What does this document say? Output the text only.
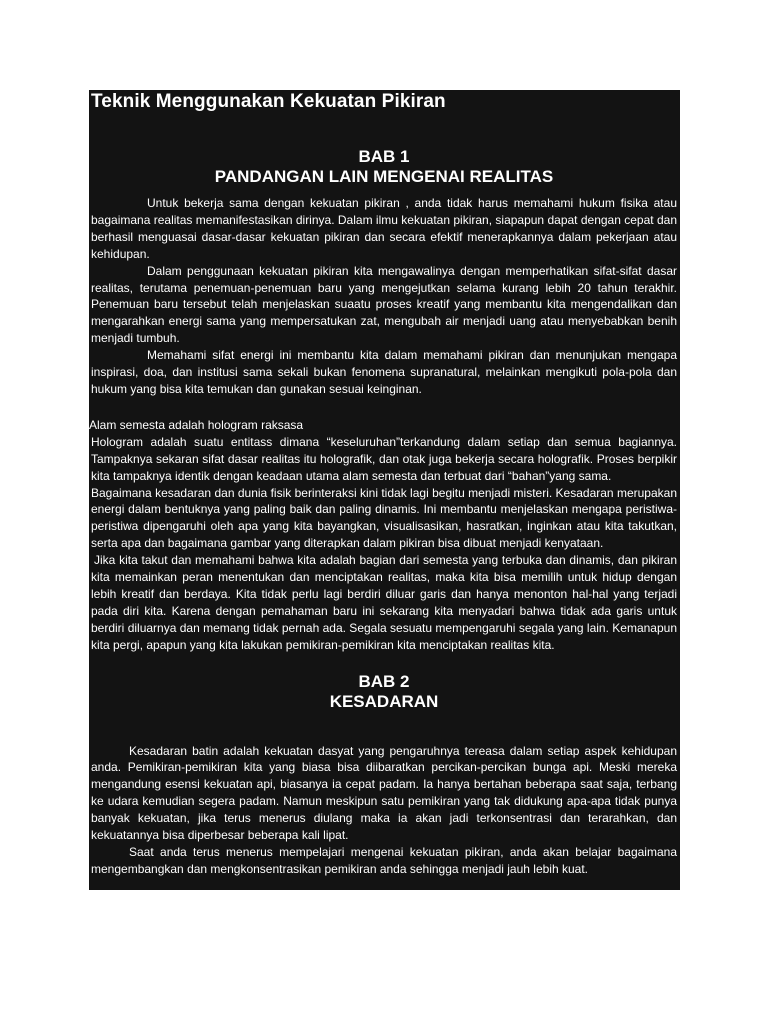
Teknik Menggunakan Kekuatan Pikiran
BAB 1
PANDANGAN LAIN MENGENAI REALITAS

Untuk bekerja sama dengan kekuatan pikiran , anda tidak harus memahami hukum fisika atau bagaimana realitas memanifestasikan dirinya. Dalam ilmu kekuatan pikiran, siapapun dapat dengan cepat dan berhasil menguasai dasar-dasar kekuatan pikiran dan secara efektif menerapkannya dalam pekerjaan atau kehidupan.

Dalam penggunaan kekuatan pikiran kita mengawalinya dengan memperhatikan sifat-sifat dasar realitas, terutama penemuan-penemuan baru yang mengejutkan selama kurang lebih 20 tahun terakhir. Penemuan baru tersebut telah menjelaskan suaatu proses kreatif yang membantu kita mengendalikan dan mengarahkan energi sama yang mempersatukan zat, mengubah air menjadi uang atau menyebabkan benih menjadi tumbuh.

Memahami sifat energi ini membantu kita dalam memahami pikiran dan menunjukan mengapa inspirasi, doa, dan institusi sama sekali bukan fenomena supranatural, melainkan mengikuti pola-pola dan hukum yang bisa kita temukan dan gunakan sesuai keinginan.

Alam semesta adalah hologram raksasa

Hologram adalah suatu entitass dimana “keseluruhan”terkandung dalam setiap dan semua bagiannya. Tampaknya sekaran sifat dasar realitas itu holografik, dan otak juga bekerja secara holografik. Proses berpikir kita tampaknya identik dengan keadaan utama alam semesta dan terbuat dari “bahan”yang sama.

Bagaimana kesadaran dan dunia fisik berinteraksi kini tidak lagi begitu menjadi misteri. Kesadaran merupakan energi dalam bentuknya yang paling baik dan paling dinamis. Ini membantu menjelaskan mengapa peristiwa-peristiwa dipengaruhi oleh apa yang kita bayangkan, visualisasikan, hasratkan, inginkan atau kita takutkan, serta apa dan bagaimana gambar yang diterapkan dalam pikiran bisa dibuat menjadi kenyataan.

Jika kita takut dan memahami bahwa kita adalah bagian dari semesta yang terbuka dan dinamis, dan pikiran kita memainkan peran menentukan dan menciptakan realitas, maka kita bisa memilih untuk hidup dengan lebih kreatif dan berdaya. Kita tidak perlu lagi berdiri diluar garis dan hanya menonton hal-hal yang terjadi pada diri kita. Karena dengan pemahaman baru ini sekarang kita menyadari bahwa tidak ada garis untuk berdiri diluarnya dan memang tidak pernah ada. Segala sesuatu mempengaruhi segala yang lain. Kemanapun kita pergi, apapun yang kita lakukan pemikiran-pemikiran kita menciptakan realitas kita.

BAB 2
KESADARAN

Kesadaran batin adalah kekuatan dasyat yang pengaruhnya tereasa dalam setiap aspek kehidupan anda. Pemikiran-pemikiran kita yang biasa bisa diibaratkan percikan-percikan bunga api. Meski mereka mengandung esensi kekuatan api, biasanya ia cepat padam. Ia hanya bertahan beberapa saat saja, terbang ke udara kemudian segera padam. Namun meskipun satu pemikiran yang tak didukung apa-apa tidak punya banyak kekuatan, jika terus menerus diulang maka ia akan jadi terkonsentrasi dan terarahkan, dan kekuatannya bisa diperbesar beberapa kali lipat.

Saat anda terus menerus mempelajari mengenai kekuatan pikiran, anda akan belajar bagaimana mengembangkan dan mengkonsentrasikan pemikiran anda sehingga menjadi jauh lebih kuat.
